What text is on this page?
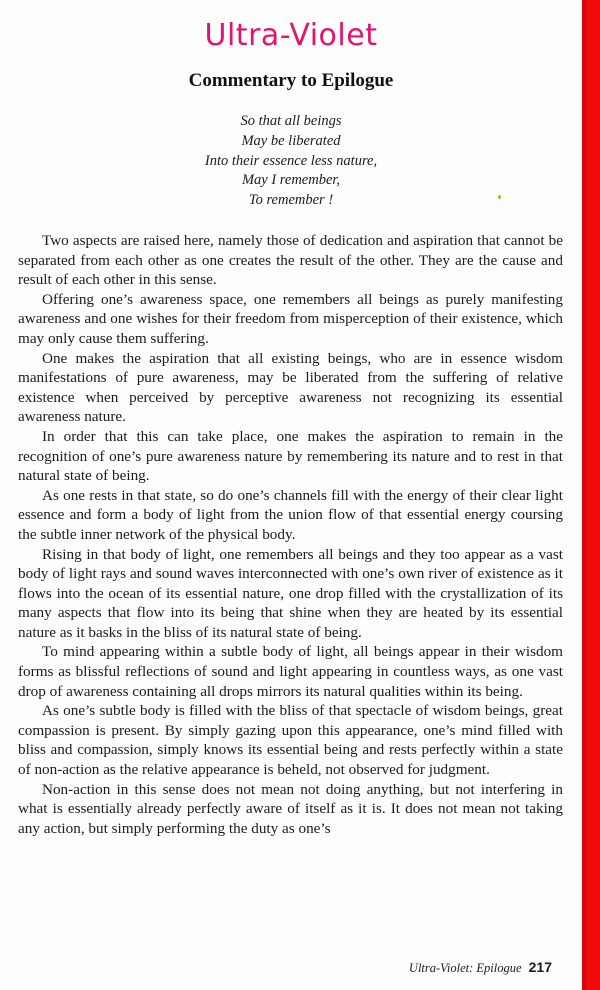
Ultra-Violet
Commentary to Epilogue
So that all beings
May be liberated
Into their essence less nature,
May I remember,
To remember !

Two aspects are raised here, namely those of dedication and aspiration that cannot be separated from each other as one creates the result of the other. They are the cause and result of each other in this sense.

Offering one’s awareness space, one remembers all beings as purely manifesting awareness and one wishes for their freedom from misperception of their existence, which may only cause them suffering.

One makes the aspiration that all existing beings, who are in essence wisdom manifestations of pure awareness, may be liberated from the suffering of relative existence when perceived by perceptive awareness not recognizing its essential awareness nature.

In order that this can take place, one makes the aspiration to remain in the recognition of one’s pure awareness nature by remembering its nature and to rest in that natural state of being.

As one rests in that state, so do one’s channels fill with the energy of their clear light essence and form a body of light from the union flow of that essential energy coursing the subtle inner network of the physical body.

Rising in that body of light, one remembers all beings and they too appear as a vast body of light rays and sound waves interconnected with one’s own river of existence as it flows into the ocean of its essential nature, one drop filled with the crystallization of its many aspects that flow into its being that shine when they are heated by its essential nature as it basks in the bliss of its natural state of being.

To mind appearing within a subtle body of light, all beings appear in their wisdom forms as blissful reflections of sound and light appearing in countless ways, as one vast drop of awareness containing all drops mirrors its natural qualities within its being.

As one’s subtle body is filled with the bliss of that spectacle of wisdom beings, great compassion is present. By simply gazing upon this appearance, one’s mind filled with bliss and compassion, simply knows its essential being and rests perfectly within a state of non-action as the relative appearance is beheld, not observed for judgment.

Non-action in this sense does not mean not doing anything, but not interfering in what is essentially already perfectly aware of itself as it is. It does not mean not taking any action, but simply performing the duty as one’s

Ultra-Violet: Epilogue 217
